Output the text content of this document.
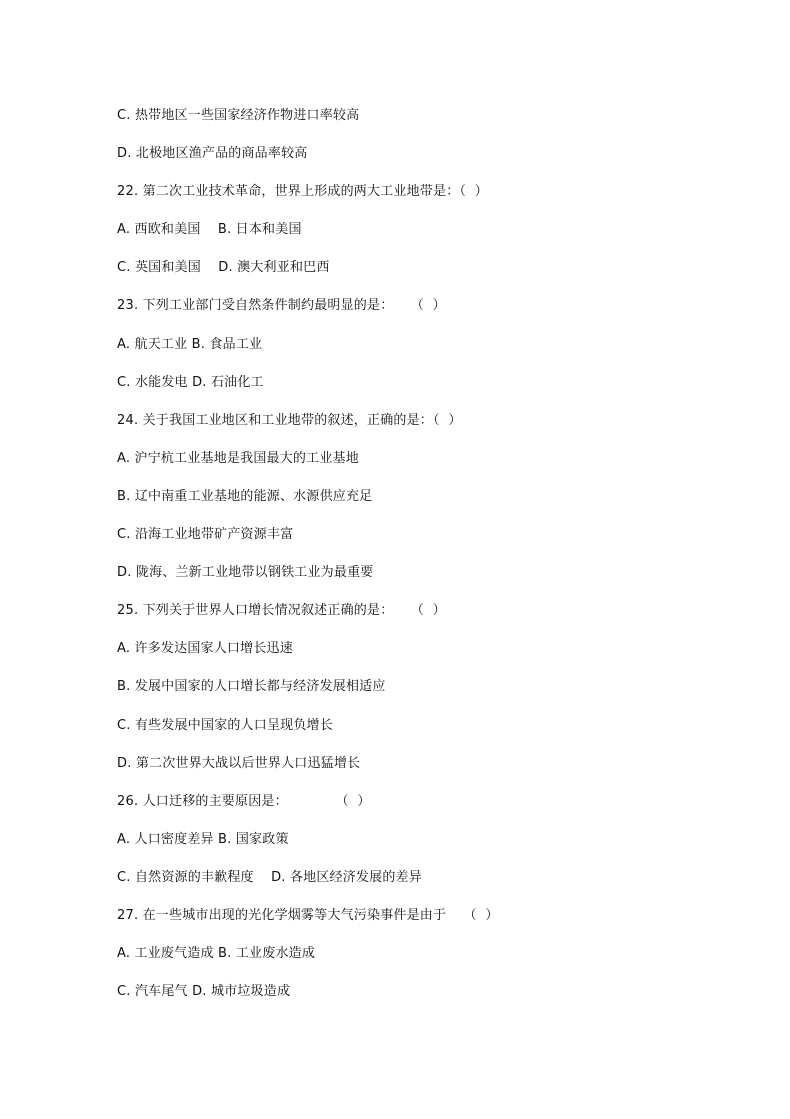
C. 热带地区一些国家经济作物进口率较高
D. 北极地区渔产品的商品率较高
22. 第二次工业技术革命，世界上形成的两大工业地带是：（  ）
A. 西欧和美国    B. 日本和美国
C. 英国和美国    D. 澳大利亚和巴西
23. 下列工业部门受自然条件制约最明显的是：    （  ）
A. 航天工业 B. 食品工业
C. 水能发电 D. 石油化工
24. 关于我国工业地区和工业地带的叙述，正确的是：（  ）
A. 沪宁杭工业基地是我国最大的工业基地
B. 辽中南重工业基地的能源、水源供应充足
C. 沿海工业地带矿产资源丰富
D. 陇海、兰新工业地带以钢铁工业为最重要
25. 下列关于世界人口增长情况叙述正确的是：    （  ）
A. 许多发达国家人口增长迅速
B. 发展中国家的人口增长都与经济发展相适应
C. 有些发展中国家的人口呈现负增长
D. 第二次世界大战以后世界人口迅猛增长
26. 人口迁移的主要原因是：           （  ）
A. 人口密度差异 B. 国家政策
C. 自然资源的丰歉程度    D. 各地区经济发展的差异
27. 在一些城市出现的光化学烟雾等大气污染事件是由于    （  ）
A. 工业废气造成 B. 工业废水造成
C. 汽车尾气 D. 城市垃圾造成
